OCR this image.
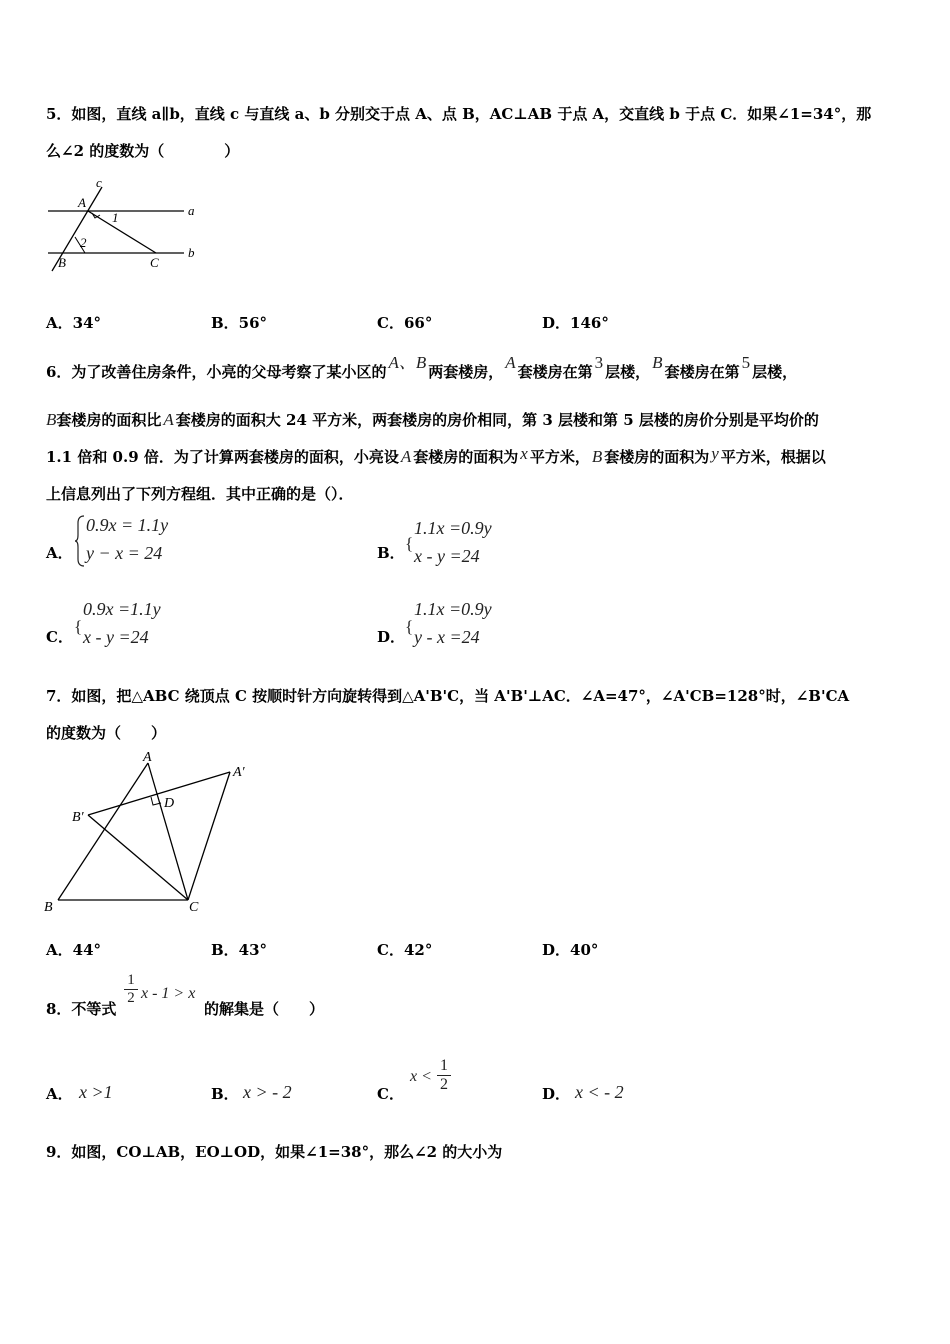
5．如图，直线 a∥b，直线 c 与直线 a、b 分别交于点 A、点 B，AC⊥AB 于点 A，交直线 b 于点 C．如果∠1=34°，那
么∠2 的度数为（　　　　）
c
a
b
A
B	C
1
2
A．34°	B．56°	C．66°	D．146°
6．为了改善住房条件，小亮的父母考察了某小区的 A、B 两套楼房， A 套楼房在第 3 层楼， B 套楼房在第 5 层楼，
B套楼房的面积比 A 套楼房的面积大 24 平方米，两套楼房的房价相同，第 3 层楼和第 5 层楼的房价分别是平均价的
1.1 倍和 0.9 倍．为了计算两套楼房的面积，小亮设 A 套楼房的面积为 x 平方米， B 套楼房的面积为 y 平方米，根据以
上信息列出了下列方程组．其中正确的是（）．
A．
0.9x = 1.1y
y − x = 24	B． {
1.1x =0.9y
x - y =24
C．
{
0.9x =1.1y
x - y =24	D．
{
1.1x =0.9y
y - x =24
7．如图，把△ABC 绕顶点 C 按顺时针方向旋转得到△A'B'C，当 A'B'⊥AC．∠A=47°，∠A'CB=128°时，∠B'CA
的度数为（　　）
A
A′
B′
D
B	C
A．44°	B．43°	C．42°	D．40°
8．不等式
$\frac{1}{2}$ x - 1 > x
的解集是（　　）
A． x >1	B． x > - 2	C．
$x < \frac{1}{2}$	D． x < - 2
9．如图，CO⊥AB，EO⊥OD，如果∠1=38°，那么∠2 的大小为
